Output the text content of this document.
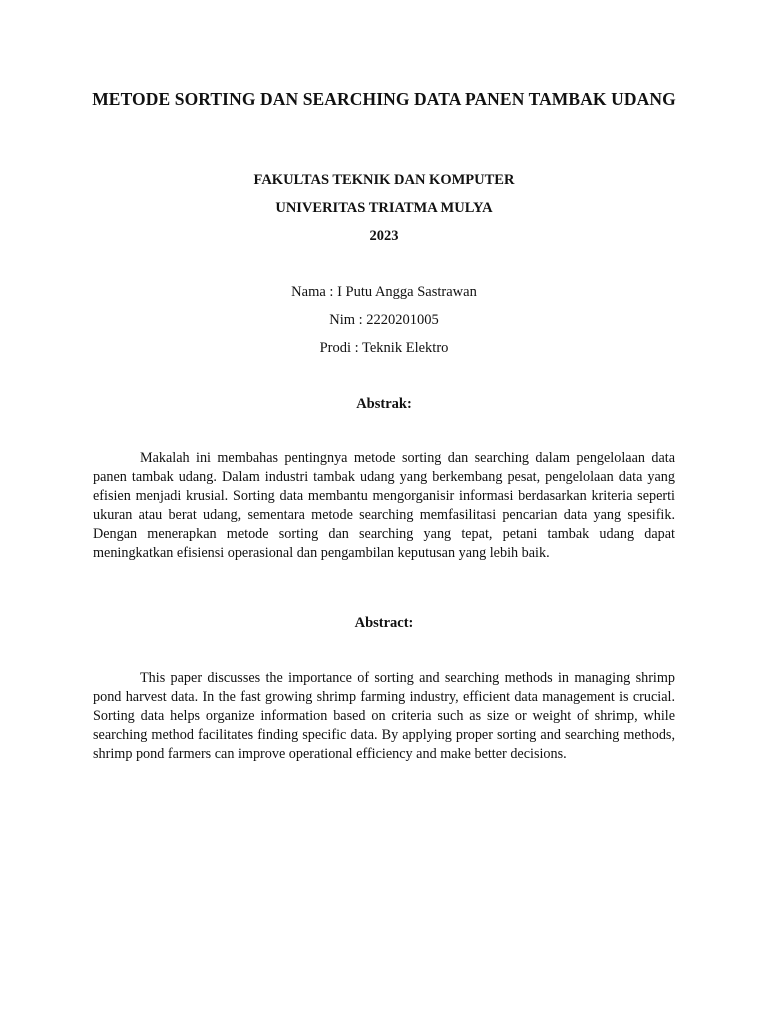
METODE SORTING DAN SEARCHING DATA PANEN TAMBAK UDANG
FAKULTAS TEKNIK DAN KOMPUTER
UNIVERITAS TRIATMA MULYA
2023
Nama : I Putu Angga Sastrawan
Nim : 2220201005
Prodi : Teknik Elektro
Abstrak:

Makalah ini membahas pentingnya metode sorting dan searching dalam pengelolaan data panen tambak udang. Dalam industri tambak udang yang berkembang pesat, pengelolaan data yang efisien menjadi krusial. Sorting data membantu mengorganisir informasi berdasarkan kriteria seperti ukuran atau berat udang, sementara metode searching memfasilitasi pencarian data yang spesifik. Dengan menerapkan metode sorting dan searching yang tepat, petani tambak udang dapat meningkatkan efisiensi operasional dan pengambilan keputusan yang lebih baik.

Abstract:

This paper discusses the importance of sorting and searching methods in managing shrimp pond harvest data. In the fast growing shrimp farming industry, efficient data management is crucial. Sorting data helps organize information based on criteria such as size or weight of shrimp, while searching method facilitates finding specific data. By applying proper sorting and searching methods, shrimp pond farmers can improve operational efficiency and make better decisions.
